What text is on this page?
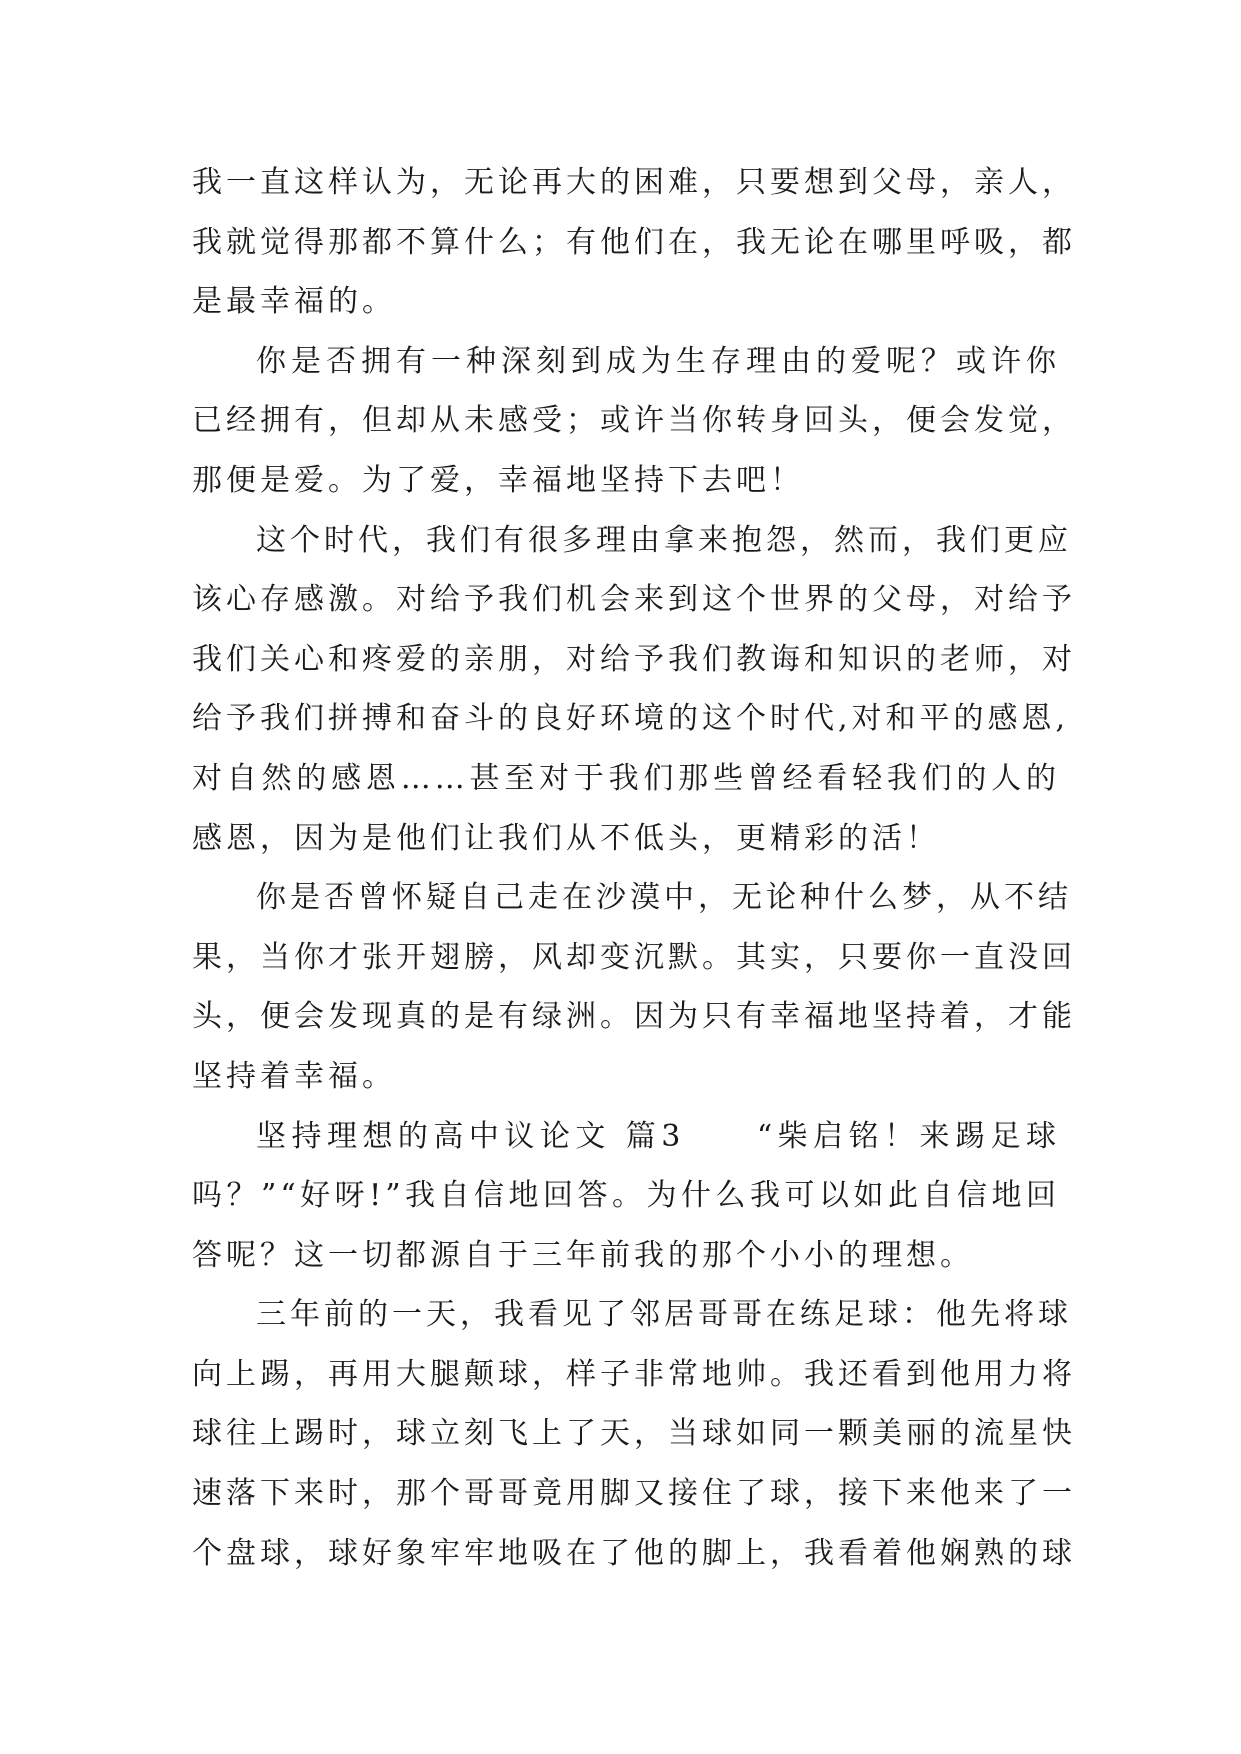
我一直这样认为，无论再大的困难，只要想到父母，亲人，
我就觉得那都不算什么；有他们在，我无论在哪里呼吸，都
是最幸福的。
你是否拥有一种深刻到成为生存理由的爱呢？或许你
已经拥有，但却从未感受；或许当你转身回头，便会发觉，
那便是爱。为了爱，幸福地坚持下去吧！
这个时代，我们有很多理由拿来抱怨，然而，我们更应
该心存感激。对给予我们机会来到这个世界的父母，对给予
我们关心和疼爱的亲朋，对给予我们教诲和知识的老师，对
给予我们拼搏和奋斗的良好环境的这个时代,对和平的感恩,
对自然的感恩……甚至对于我们那些曾经看轻我们的人的
感恩，因为是他们让我们从不低头，更精彩的活！
你是否曾怀疑自己走在沙漠中，无论种什么梦，从不结
果，当你才张开翅膀，风却变沉默。其实，只要你一直没回
头，便会发现真的是有绿洲。因为只有幸福地坚持着，才能
坚持着幸福。
坚持理想的高中议论文 篇3　　“柴启铭！来踢足球
吗？”“好呀!”我自信地回答。为什么我可以如此自信地回
答呢？这一切都源自于三年前我的那个小小的理想。
三年前的一天，我看见了邻居哥哥在练足球：他先将球
向上踢，再用大腿颠球，样子非常地帅。我还看到他用力将
球往上踢时，球立刻飞上了天，当球如同一颗美丽的流星快
速落下来时，那个哥哥竟用脚又接住了球，接下来他来了一
个盘球，球好象牢牢地吸在了他的脚上，我看着他娴熟的球
